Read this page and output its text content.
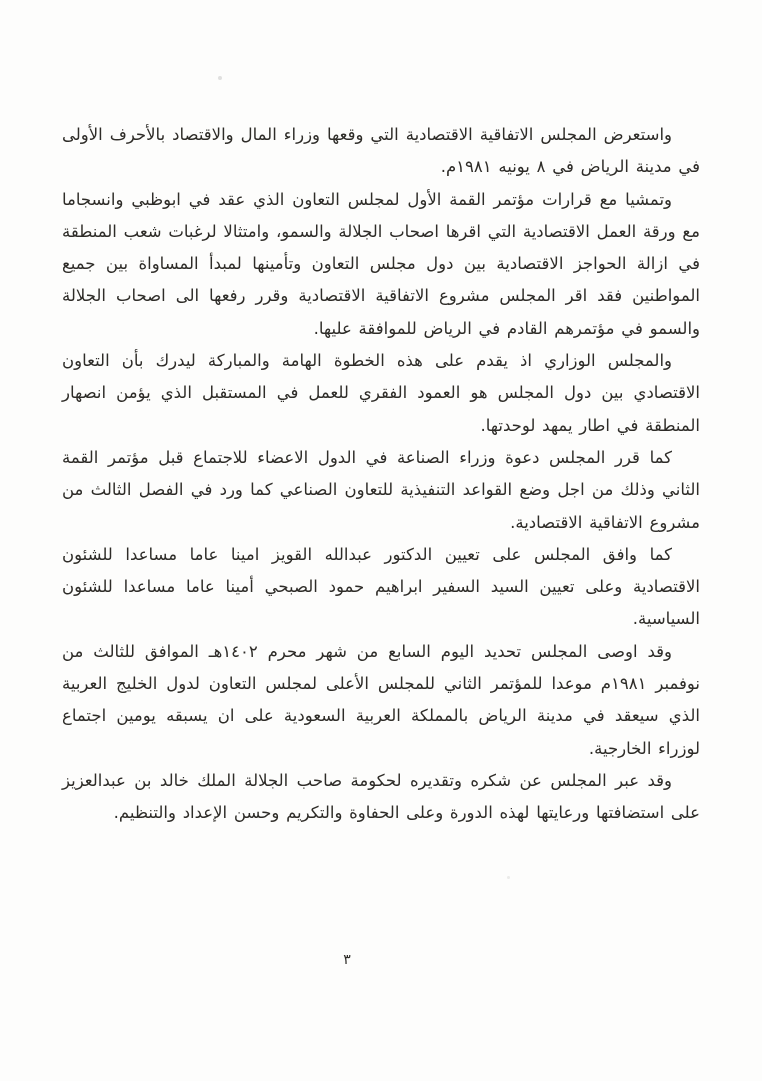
واستعرض المجلس الاتفاقية الاقتصادية التي وقعها وزراء المال والاقتصاد بالأحرف الأولى في مدينة الرياض في ٨ يونيه ١٩٨١م.

وتمشيا مع قرارات مؤتمر القمة الأول لمجلس التعاون الذي عقد في ابوظبي وانسجاما مع ورقة العمل الاقتصادية التي اقرها اصحاب الجلالة والسمو، وامتثالا لرغبات شعب المنطقة في ازالة الحواجز الاقتصادية بين دول مجلس التعاون وتأمينها لمبدأ المساواة بين جميع المواطنين فقد اقر المجلس مشروع الاتفاقية الاقتصادية وقرر رفعها الى اصحاب الجلالة والسمو في مؤتمرهم القادم في الرياض للموافقة عليها.

والمجلس الوزاري اذ يقدم على هذه الخطوة الهامة والمباركة ليدرك بأن التعاون الاقتصادي بين دول المجلس هو العمود الفقري للعمل في المستقبل الذي يؤمن انصهار المنطقة في اطار يمهد لوحدتها.

كما قرر المجلس دعوة وزراء الصناعة في الدول الاعضاء للاجتماع قبل مؤتمر القمة الثاني وذلك من اجل وضع القواعد التنفيذية للتعاون الصناعي كما ورد في الفصل الثالث من مشروع الاتفاقية الاقتصادية.

كما وافق المجلس على تعيين الدكتور عبدالله القويز امينا عاما مساعدا للشئون الاقتصادية وعلى تعيين السيد السفير ابراهيم حمود الصبحي أمينا عاما مساعدا للشئون السياسية.

وقد اوصى المجلس تحديد اليوم السابع من شهر محرم ١٤٠٢هـ الموافق للثالث من نوفمبر ١٩٨١م موعدا للمؤتمر الثاني للمجلس الأعلى لمجلس التعاون لدول الخليج العربية الذي سيعقد في مدينة الرياض بالمملكة العربية السعودية على ان يسبقه يومين اجتماع لوزراء الخارجية.

وقد عبر المجلس عن شكره وتقديره لحكومة صاحب الجلالة الملك خالد بن عبدالعزيز على استضافتها ورعايتها لهذه الدورة وعلى الحفاوة والتكريم وحسن الإعداد والتنظيم.

٣
